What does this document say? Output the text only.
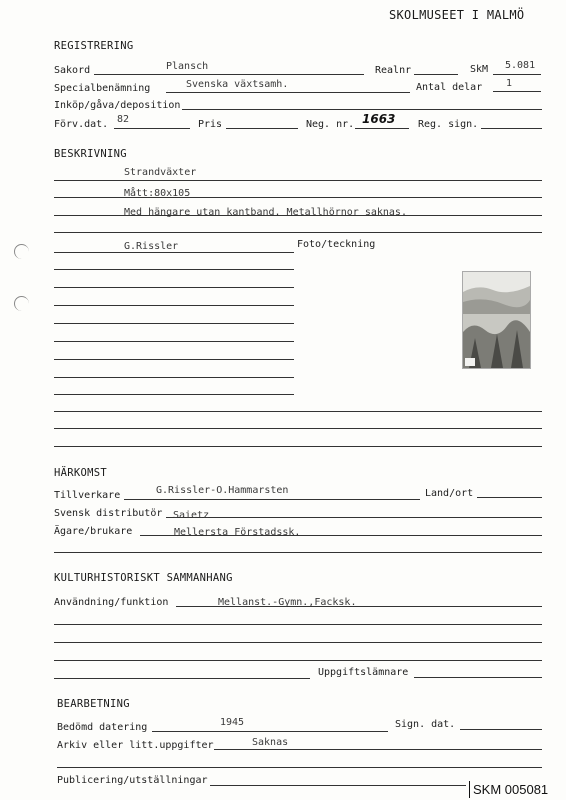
SKOLMUSEET I MALMÖ
REGISTRERING
Sakord	Plansch	Realnr	SkM 5.081
Specialbenämning	Svenska växtsamh.	Antal delar 1
Inköp/gåva/deposition
Förv.dat. 82	Pris	Neg. nr. 1663 Reg. sign.
BESKRIVNING
Strandväxter
Mått:80x105
Med hängare utan kantband. Metallhörnor saknas.
G.Rissler	Foto/teckning
HÄRKOMST
Tillverkare	G.Rissler-O.Hammarsten	Land/ort
Svensk distributör Saietz
Ägare/brukare	Mellersta Förstadssk.
KULTURHISTORISKT SAMMANHANG
Användning/funktion	Mellanst.-Gymn.,Facksk.
Uppgiftslämnare
BEARBETNING
Bedömd datering	1945	Sign. dat.
Arkiv eller litt.uppgifter	Saknas
Publicering/utställningar
SKM 005081
